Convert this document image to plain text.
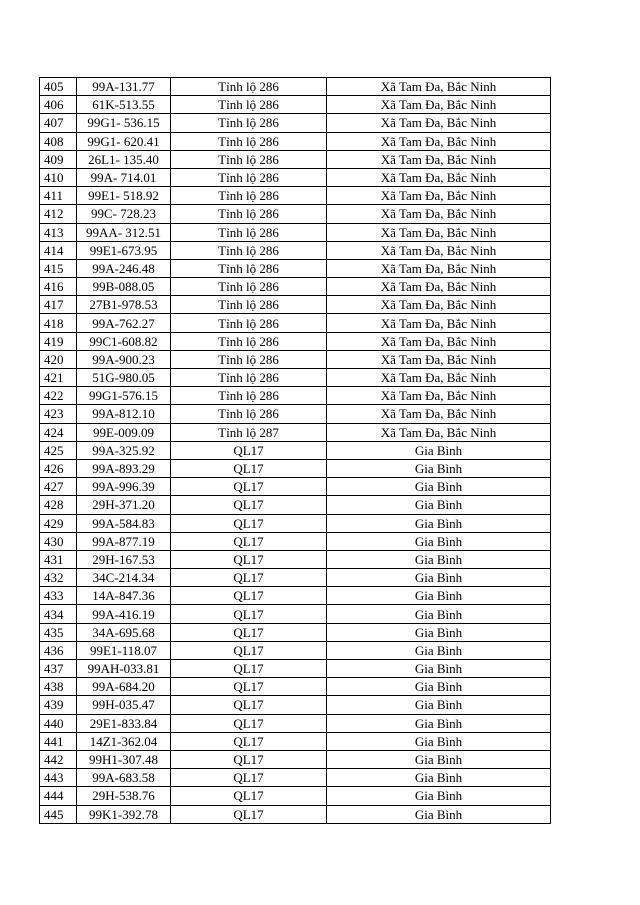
405	99A-131.77	Tỉnh lộ 286	Xã Tam Đa, Bắc Ninh
406	61K-513.55	Tỉnh lộ 286	Xã Tam Đa, Bắc Ninh
407	99G1- 536.15	Tỉnh lộ 286	Xã Tam Đa, Bắc Ninh
408	99G1- 620.41	Tỉnh lộ 286	Xã Tam Đa, Bắc Ninh
409	26L1- 135.40	Tỉnh lộ 286	Xã Tam Đa, Bắc Ninh
410	99A- 714.01	Tỉnh lộ 286	Xã Tam Đa, Bắc Ninh
411	99E1- 518.92	Tỉnh lộ 286	Xã Tam Đa, Bắc Ninh
412	99C- 728.23	Tỉnh lộ 286	Xã Tam Đa, Bắc Ninh
413	99AA- 312.51	Tỉnh lộ 286	Xã Tam Đa, Bắc Ninh
414	99E1-673.95	Tỉnh lộ 286	Xã Tam Đa, Bắc Ninh
415	99A-246.48	Tỉnh lộ 286	Xã Tam Đa, Bắc Ninh
416	99B-088.05	Tỉnh lộ 286	Xã Tam Đa, Bắc Ninh
417	27B1-978.53	Tỉnh lộ 286	Xã Tam Đa, Bắc Ninh
418	99A-762.27	Tỉnh lộ 286	Xã Tam Đa, Bắc Ninh
419	99C1-608.82	Tỉnh lộ 286	Xã Tam Đa, Bắc Ninh
420	99A-900.23	Tỉnh lộ 286	Xã Tam Đa, Bắc Ninh
421	51G-980.05	Tỉnh lộ 286	Xã Tam Đa, Bắc Ninh
422	99G1-576.15	Tỉnh lộ 286	Xã Tam Đa, Bắc Ninh
423	99A-812.10	Tỉnh lộ 286	Xã Tam Đa, Bắc Ninh
424	99E-009.09	Tỉnh lộ 287	Xã Tam Đa, Bắc Ninh
425	99A-325.92	QL17	Gia Bình
426	99A-893.29	QL17	Gia Bình
427	99A-996.39	QL17	Gia Bình
428	29H-371.20	QL17	Gia Bình
429	99A-584.83	QL17	Gia Bình
430	99A-877.19	QL17	Gia Bình
431	29H-167.53	QL17	Gia Bình
432	34C-214.34	QL17	Gia Bình
433	14A-847.36	QL17	Gia Bình
434	99A-416.19	QL17	Gia Bình
435	34A-695.68	QL17	Gia Bình
436	99E1-118.07	QL17	Gia Bình
437	99AH-033.81	QL17	Gia Bình
438	99A-684.20	QL17	Gia Bình
439	99H-035.47	QL17	Gia Bình
440	29E1-833.84	QL17	Gia Bình
441	14Z1-362.04	QL17	Gia Bình
442	99H1-307.48	QL17	Gia Bình
443	99A-683.58	QL17	Gia Bình
444	29H-538.76	QL17	Gia Bình
445	99K1-392.78	QL17	Gia Bình
